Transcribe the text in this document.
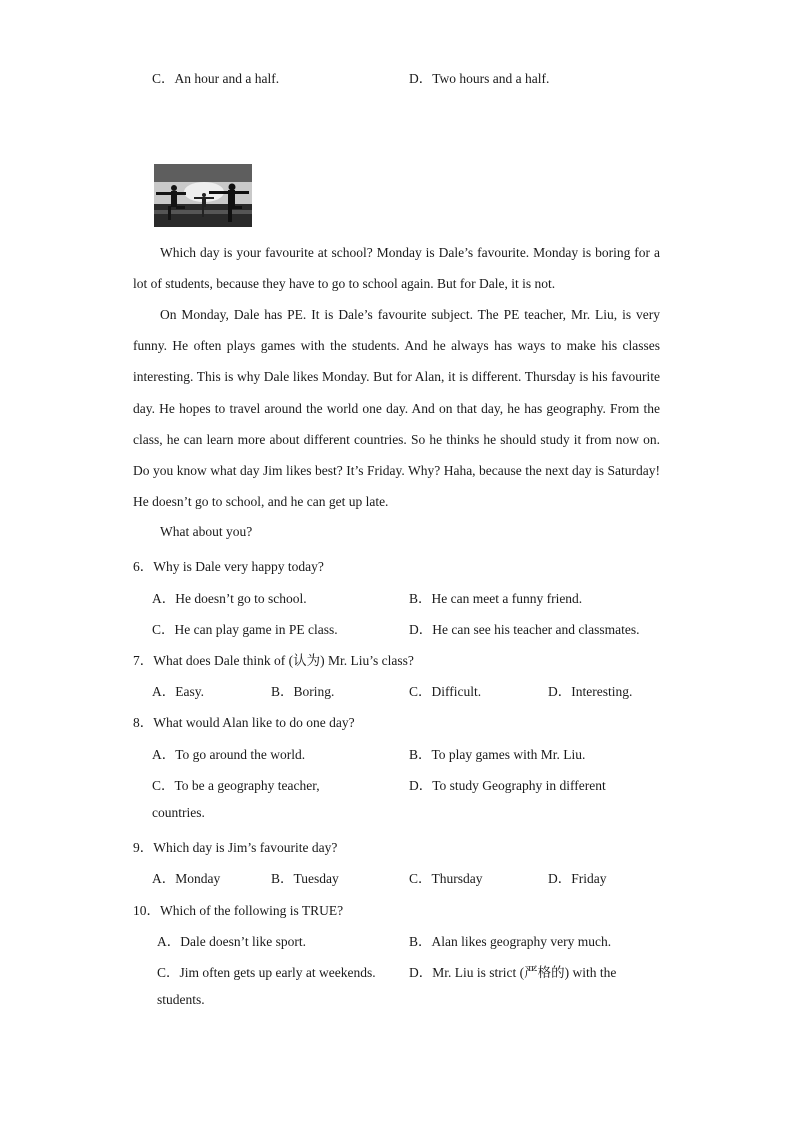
C．An hour and a half.	D．Two hours and a half.
Which day is your favourite at school? Monday is Dale’s favourite. Monday is boring for a lot of students, because they have to go to school again. But for Dale, it is not.
On Monday, Dale has PE. It is Dale’s favourite subject. The PE teacher, Mr. Liu, is very funny. He often plays games with the students. And he always has ways to make his classes interesting. This is why Dale likes Monday. But for Alan, it is different. Thursday is his favourite day. He hopes to travel around the world one day. And on that day, he has geography. From the class, he can learn more about different countries. So he thinks he should study it from now on. Do you know what day Jim likes best? It’s Friday. Why? Haha, because the next day is Saturday! He doesn’t go to school, and he can get up late.
What about you?
6．Why is Dale very happy today?
A．He doesn’t go to school.	B．He can meet a funny friend.
C．He can play game in PE class.	D．He can see his teacher and classmates.
7．What does Dale think of (认为) Mr. Liu’s class?
A．Easy.	B．Boring.	C．Difficult.	D．Interesting.
8．What would Alan like to do one day?
A．To go around the world.	B．To play games with Mr. Liu.
C．To be a geography teacher,	D．To study Geography in different
countries.
9．Which day is Jim’s favourite day?
A．Monday	B．Tuesday	C．Thursday	D．Friday
10．Which of the following is TRUE?
A．Dale doesn’t like sport.	B．Alan likes geography very much.
C．Jim often gets up early at weekends. D．Mr. Liu is strict (严格的) with the
students.
